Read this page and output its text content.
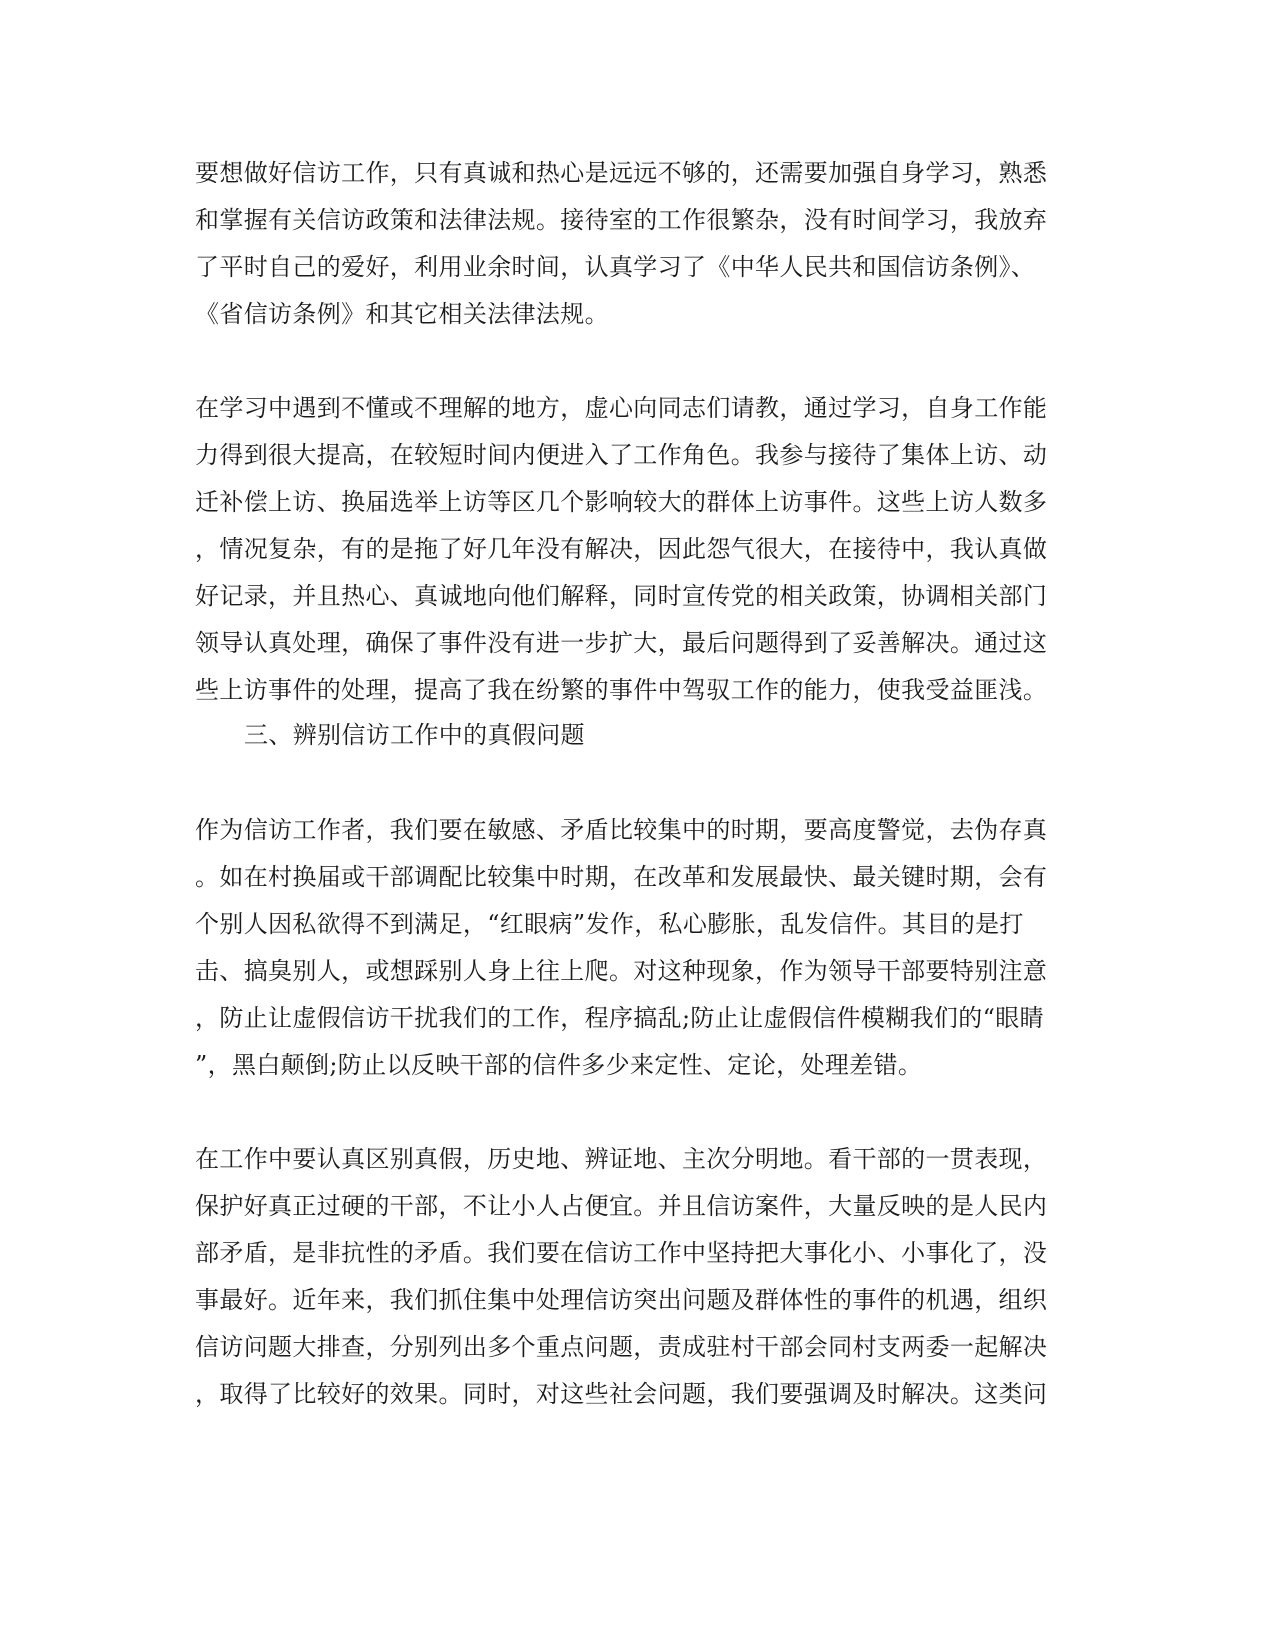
要想做好信访工作，只有真诚和热心是远远不够的，还需要加强自身学习，熟悉
和掌握有关信访政策和法律法规。接待室的工作很繁杂，没有时间学习，我放弃
了平时自己的爱好，利用业余时间，认真学习了《中华人民共和国信访条例》、
《省信访条例》和其它相关法律法规。
在学习中遇到不懂或不理解的地方，虚心向同志们请教，通过学习，自身工作能
力得到很大提高，在较短时间内便进入了工作角色。我参与接待了集体上访、动
迁补偿上访、换届选举上访等区几个影响较大的群体上访事件。这些上访人数多
，情况复杂，有的是拖了好几年没有解决，因此怨气很大，在接待中，我认真做
好记录，并且热心、真诚地向他们解释，同时宣传党的相关政策，协调相关部门
领导认真处理，确保了事件没有进一步扩大，最后问题得到了妥善解决。通过这
些上访事件的处理，提高了我在纷繁的事件中驾驭工作的能力，使我受益匪浅。
三、辨别信访工作中的真假问题
作为信访工作者，我们要在敏感、矛盾比较集中的时期，要高度警觉，去伪存真
。如在村换届或干部调配比较集中时期，在改革和发展最快、最关键时期，会有
个别人因私欲得不到满足，“红眼病”发作，私心膨胀，乱发信件。其目的是打
击、搞臭别人，或想踩别人身上往上爬。对这种现象，作为领导干部要特别注意
，防止让虚假信访干扰我们的工作，程序搞乱;防止让虚假信件模糊我们的“眼睛
”，黑白颠倒;防止以反映干部的信件多少来定性、定论，处理差错。
在工作中要认真区别真假，历史地、辨证地、主次分明地。看干部的一贯表现，
保护好真正过硬的干部，不让小人占便宜。并且信访案件，大量反映的是人民内
部矛盾，是非抗性的矛盾。我们要在信访工作中坚持把大事化小、小事化了，没
事最好。近年来，我们抓住集中处理信访突出问题及群体性的事件的机遇，组织
信访问题大排查，分别列出多个重点问题，责成驻村干部会同村支两委一起解决
，取得了比较好的效果。同时，对这些社会问题，我们要强调及时解决。这类问
